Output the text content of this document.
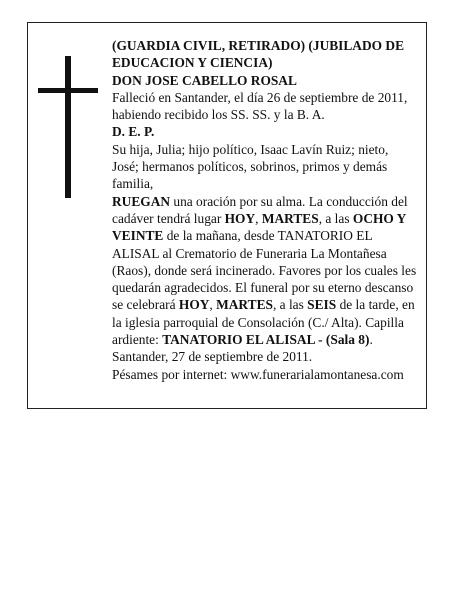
(GUARDIA CIVIL, RETIRADO) (JUBILADO DE EDUCACION Y CIENCIA)

DON JOSE CABELLO ROSAL

Falleció en Santander, el día 26 de septiembre de 2011, habiendo recibido los SS. SS. y la B. A.

D. E. P.

Su hija, Julia; hijo político, Isaac Lavín Ruiz; nieto, José; hermanos políticos, sobrinos, primos y demás familia,

RUEGAN una oración por su alma. La conducción del cadáver tendrá lugar HOY, MARTES, a las OCHO Y VEINTE de la mañana, desde TANATORIO EL ALISAL al Crematorio de Funeraria La Montañesa (Raos), donde será incinerado. Favores por los cuales les quedarán agradecidos. El funeral por su eterno descanso se celebrará HOY, MARTES, a las SEIS de la tarde, en la iglesia parroquial de Consolación (C./ Alta). Capilla ardiente: TANATORIO EL ALISAL - (Sala 8).

Santander, 27 de septiembre de 2011.

Pésames por internet: www.funerarialamontanesa.com
